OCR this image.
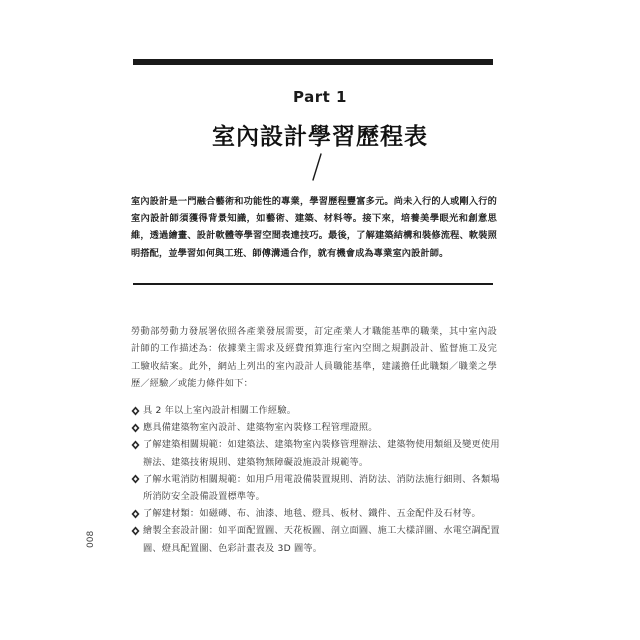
Part 1
室內設計學習歷程表
室內設計是一門融合藝術和功能性的專業，學習歷程豐富多元。尚未入行的人或剛入行的室內設計師須獲得背景知識，如藝術、建築、材料等。接下來，培養美學眼光和創意思維，透過繪畫、設計軟體等學習空間表達技巧。最後，了解建築結構和裝修流程、軟裝照明搭配，並學習如何與工班、師傅溝通合作，就有機會成為專業室內設計師。
勞動部勞動力發展署依照各產業發展需要，訂定產業人才職能基準的職業，其中室內設計師的工作描述為：依據業主需求及經費預算進行室內空間之規劃設計、監督施工及完工驗收結案。此外，網站上列出的室內設計人員職能基準，建議擔任此職類／職業之學歷／經驗／或能力條件如下：
具 2 年以上室內設計相關工作經驗。
應具備建築物室內設計、建築物室內裝修工程管理證照。
了解建築相關規範：如建築法、建築物室內裝修管理辦法、建築物使用類組及變更使用辦法、建築技術規則、建築物無障礙設施設計規範等。
了解水電消防相關規範：如用戶用電設備裝置規則、消防法、消防法施行細則、各類場所消防安全設備設置標準等。
了解建材類：如磁磚、布、油漆、地毯、燈具、板材、鐵件、五金配件及石材等。
繪製全套設計圖：如平面配置圖、天花板圖、剖立面圖、施工大樣詳圖、水電空調配置圖、燈具配置圖、色彩計畫表及 3D 圖等。
008
